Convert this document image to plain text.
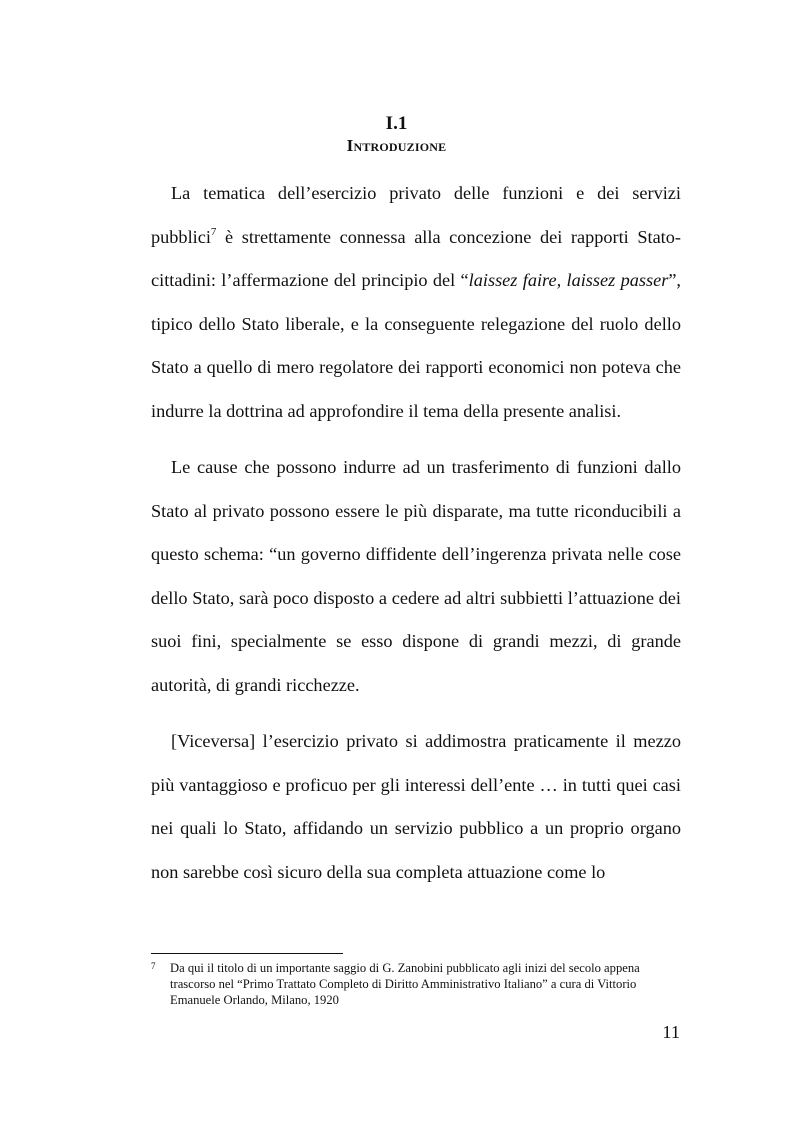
I.1
Introduzione

La tematica dell’esercizio privato delle funzioni e dei servizi pubblici$^7$ è strettamente connessa alla concezione dei rapporti Stato-cittadini: l’affermazione del principio del “laissez faire, laissez passer”, tipico dello Stato liberale, e la conseguente relegazione del ruolo dello Stato a quello di mero regolatore dei rapporti economici non poteva che indurre la dottrina ad approfondire il tema della presente analisi.

Le cause che possono indurre ad un trasferimento di funzioni dallo Stato al privato possono essere le più disparate, ma tutte riconducibili a questo schema: “un governo diffidente dell’ingerenza privata nelle cose dello Stato, sarà poco disposto a cedere ad altri subbietti l’attuazione dei suoi fini, specialmente se esso dispone di grandi mezzi, di grande autorità, di grandi ricchezze.

[Viceversa] l’esercizio privato si addimostra praticamente il mezzo più vantaggioso e proficuo per gli interessi dell’ente … in tutti quei casi nei quali lo Stato, affidando un servizio pubblico a un proprio organo non sarebbe così sicuro della sua completa attuazione come lo

7 Da qui il titolo di un importante saggio di G. Zanobini pubblicato agli inizi del secolo appena trascorso nel “Primo Trattato Completo di Diritto Amministrativo Italiano” a cura di Vittorio Emanuele Orlando, Milano, 1920
11
